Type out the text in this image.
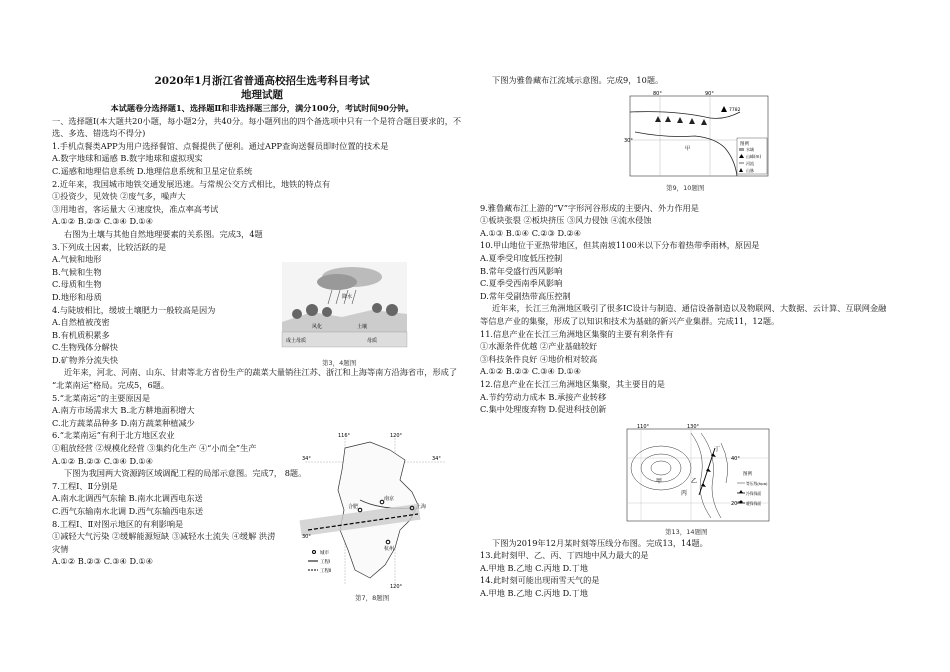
2020年1月浙江省普通高校招生选考科目考试
地理试题
本试题卷分选择题1、选择题Ⅱ和非选择题三部分，满分100分，考试时间90分钟。
一、选择题Ⅰ(本大题共20小题，每小题2分，共40分。每小题列出的四个备选项中只有一个是符合题目要求的，不
选、多选、错选均不得分)
1.手机点餐类APP为用户选择餐馆、点餐提供了便利。通过APP查询送餐员即时位置的技术是
A.数字地球和遥感 B.数字地球和虚拟现实
C.遥感和地理信息系统 D.地理信息系统和卫星定位系统
2.近年来，我国城市地铁交通发展迅速。与常规公交方式相比，地铁的特点有
①投资少，见效快 ②废气多，噪声大
③用地省，客运量大 ④速度快，准点率高考试
A.①② B.②③ C.③④ D.①④
右图为土壤与其他自然地理要素的关系图。完成3，4题
3.下列成土因素，比较活跃的是
A.气候和地形
B.气候和生物
C.母质和生物
D.地形和母质
4.与陡坡相比，缓坡土壤肥力一般较高是因为
A.自然植被茂密
B.有机质积累多
C.生物残体分解快
D.矿物养分流失快
近年来，河北、河南、山东、甘肃等北方省份生产的蔬菜大量销往江苏、浙江和上海等南方沿海省市，形成了
“北菜南运”格局。完成5，6题。
5.“北菜南运”的主要原因是
A.南方市场需求大 B.北方耕地面积增大
C.北方蔬菜品种多 D.南方蔬菜种植减少
6.“北菜南运”有利于北方地区农业
①粗放经营 ②规模化经营 ③集约化生产 ④“小而全”生产
A.①② B.②③ C.③④ D.①④
下图为我国两大资源跨区域调配工程的局部示意图。完成7， 8题。
7.工程Ⅰ、Ⅱ分别是
A.南水北调西气东输 B.南水北调西电东送
C.西气东输南水北调 D.西气东输西电东送
8.工程Ⅰ、Ⅱ对图示地区的有利影响是
①减轻大气污染 ②缓解能源短缺 ③减轻水土流失 ④缓解 洪涝
灾情
A.①② B.②③ C.③④ D.①④
下图为雅鲁藏布江流域示意图。完成9，10题。
9.雅鲁藏布江上游的“V”字形河谷形成的主要内、外力作用是
①板块张裂 ②板块挤压 ③风力侵蚀 ④流水侵蚀
A.①③ B.①④ C.②③ D.②④
10.甲山地位于亚热带地区，但其南坡1100米以下分布着热带季雨林，原因是
A.夏季受印度低压控制
B.常年受盛行西风影响
C.夏季受西南季风影响
D.常年受副热带高压控制
近年来，长江三角洲地区吸引了很多IC设计与制造、通信设备制造以及物联网、大数据、云计算、互联网金融
等信息产业的集聚，形成了以知识和技术为基础的新兴产业集群。完成11，12题。
11.信息产业在长江三角洲地区集聚的主要有利条件有
①水源条件优越 ②产业基础较好
③科技条件良好 ④地价相对较高
A.①② B.②③ C.③④ D.①④
12.信息产业在长江三角洲地区集聚，其主要目的是
A.节约劳动力成本 B.承接产业转移
C.集中处理废弃物 D.促进科技创新
下图为2019年12月某时刻等压线分布图。完成13，14题。
13.此时刻甲、乙、丙、丁四地中风力最大的是
A.甲地 B.乙地 C.丙地 D.丁地
14.此时刻可能出现雨雪天气的是
A.甲地 B.乙地 C.丙地 D.丁地
降水
风化	土壤
母质
成土母质
第3，4题图
116°	120°
34°	34°
南京
合肥	上海
杭州
30°
120°
城市
工程Ⅰ
工程Ⅱ
第7，8题图
7782
甲
80°	90°
30°
图例
水域
山峰(m)
河流
山脉
第9，10题图
110°	130°
40°
20°
甲	乙
丙
丁
图例
等压线(hpa)
冷锋锋面
暖锋锋面
第13，14题图
